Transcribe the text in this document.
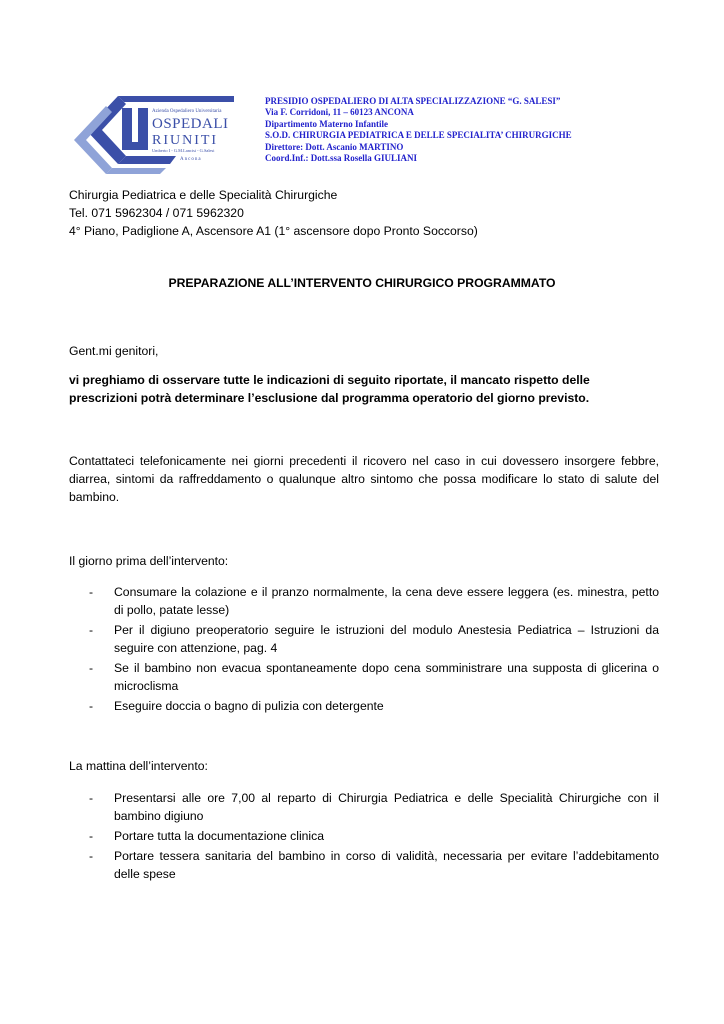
Azienda Ospedaliero Universitaria
OSPEDALI
RIUNITI
Umberto I - G.M.Lancisi - G.Salesi
Ancona
PRESIDIO OSPEDALIERO DI ALTA SPECIALIZZAZIONE “G. SALESI”
Via F. Corridoni, 11 – 60123 ANCONA
Dipartimento Materno Infantile
S.O.D. CHIRURGIA PEDIATRICA E DELLE SPECIALITA’ CHIRURGICHE
Direttore: Dott. Ascanio MARTINO
Coord.Inf.: Dott.ssa Rosella GIULIANI
Chirurgia Pediatrica e delle Specialità Chirurgiche
Tel. 071 5962304 / 071 5962320
4° Piano, Padiglione A, Ascensore A1 (1° ascensore dopo Pronto Soccorso)
PREPARAZIONE ALL’INTERVENTO CHIRURGICO PROGRAMMATO
Gent.mi genitori,
vi preghiamo di osservare tutte le indicazioni di seguito riportate, il mancato rispetto delle prescrizioni potrà determinare l’esclusione dal programma operatorio del giorno previsto.
Contattateci telefonicamente nei giorni precedenti il ricovero nel caso in cui dovessero insorgere febbre, diarrea, sintomi da raffreddamento o qualunque altro sintomo che possa modificare lo stato di salute del bambino.
Il giorno prima dell’intervento:
- Consumare la colazione e il pranzo normalmente, la cena deve essere leggera (es. minestra, petto di pollo, patate lesse)
- Per il digiuno preoperatorio seguire le istruzioni del modulo Anestesia Pediatrica – Istruzioni da seguire con attenzione, pag. 4
- Se il bambino non evacua spontaneamente dopo cena somministrare una supposta di glicerina o microclisma
- Eseguire doccia o bagno di pulizia con detergente
La mattina dell’intervento:
- Presentarsi alle ore 7,00 al reparto di Chirurgia Pediatrica e delle Specialità Chirurgiche con il bambino digiuno
- Portare tutta la documentazione clinica
- Portare tessera sanitaria del bambino in corso di validità, necessaria per evitare l’addebitamento delle spese
